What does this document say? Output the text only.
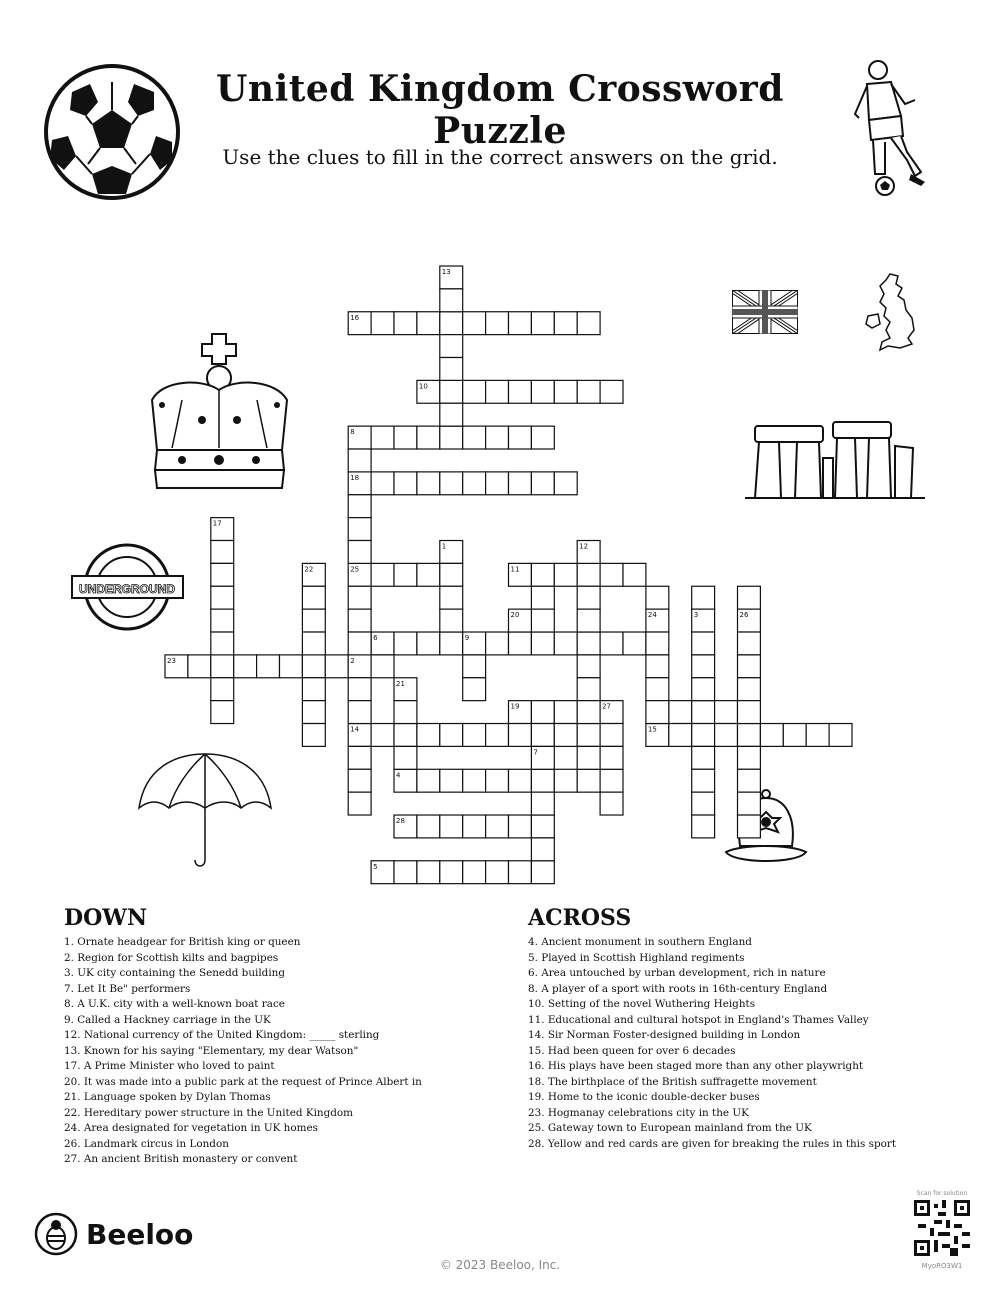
United Kingdom Crossword Puzzle
Use the clues to fill in the correct answers on the grid.
UNDERGROUND
16
10
8
18
25	11
6	9
23	2
19
14	15
4
28
5
13
1	12
24	3	26
17
22
21
27
7
20
DOWN
1. Ornate headgear for British king or queen
2. Region for Scottish kilts and bagpipes
3. UK city containing the Senedd building
7. Let It Be" performers
8. A U.K. city with a well-known boat race
9. Called a Hackney carriage in the UK
12. National currency of the United Kingdom: _____ sterling
13. Known for his saying "Elementary, my dear Watson"
17. A Prime Minister who loved to paint
20. It was made into a public park at the request of Prince Albert in
21. Language spoken by Dylan Thomas
22. Hereditary power structure in the United Kingdom
24. Area designated for vegetation in UK homes
26. Landmark circus in London
27. An ancient British monastery or convent
ACROSS
4. Ancient monument in southern England
5. Played in Scottish Highland regiments
6. Area untouched by urban development, rich in nature
8. A player of a sport with roots in 16th-century England
10. Setting of the novel Wuthering Heights
11. Educational and cultural hotspot in England's Thames Valley
14. Sir Norman Foster-designed building in London
15. Had been queen for over 6 decades
16. His plays have been staged more than any other playwright
18. The birthplace of the British suffragette movement
19. Home to the iconic double-decker buses
23. Hogmanay celebrations city in the UK
25. Gateway town to European mainland from the UK
28. Yellow and red cards are given for breaking the rules in this sport
Beeloo
© 2023 Beeloo, Inc.
Scan for solution
MyoRO3W1
